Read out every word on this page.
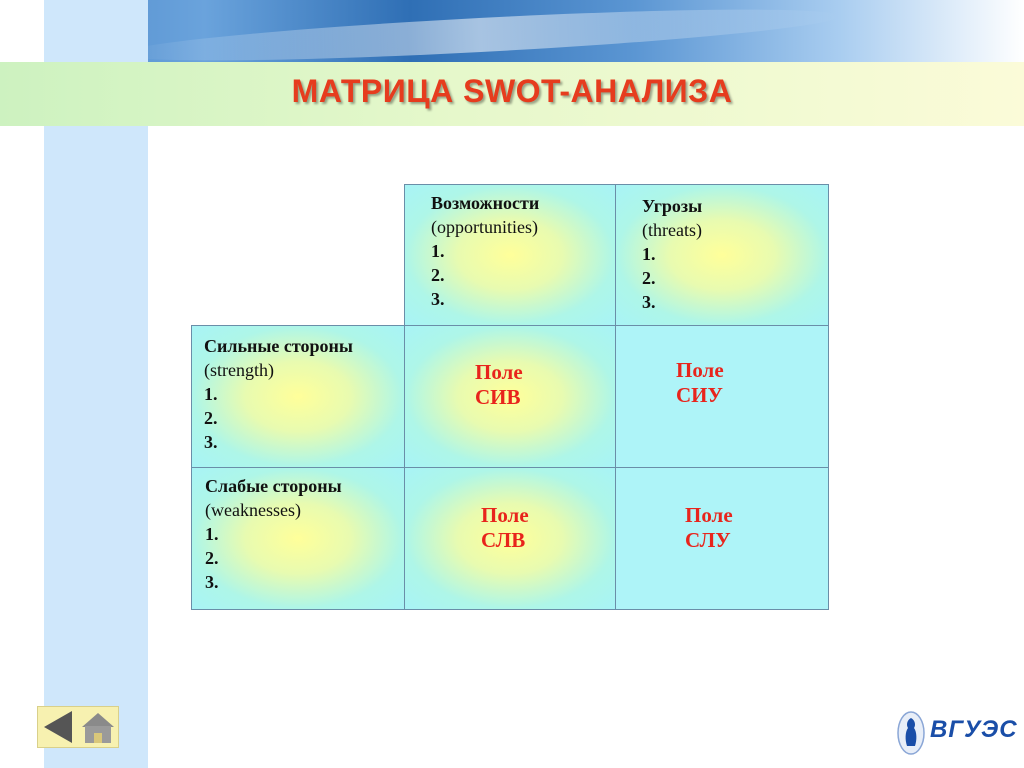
МАТРИЦА SWOT-АНАЛИЗА
Возможности
(opportunities)
1.
2.
3.
Угрозы
(threats)
1.
2.
3.
Сильные стороны
(strength)
1.
2.
3.
Поле
СИВ
Поле
СИУ
Слабые стороны
(weaknesses)
1.
2.
3.
Поле
СЛВ
Поле
СЛУ
ВГУЭС
